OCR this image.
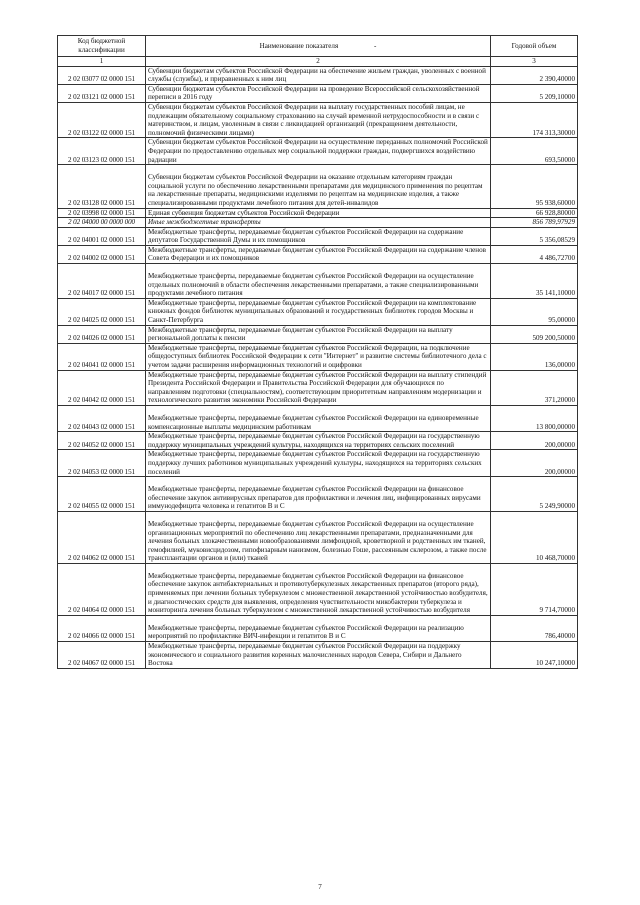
Код бюджетной классификации	Наименование показателя -	Годовой объем
1	2	3
2 02 03077 02 0000 151	Субвенции бюджетам субъектов Российской Федерации на обеспечение жильем граждан, уволенных с военной службы (службы), и приравненных к ним лиц	2 390,40000
2 02 03121 02 0000 151	Субвенции бюджетам субъектов Российской Федерации на проведение Всероссийской сельскохозяйственной переписи в 2016 году	5 209,10000
2 02 03122 02 0000 151	Субвенции бюджетам субъектов Российской Федерации на выплату государственных пособий лицам, не подлежащим обязательному социальному страхованию на случай временной нетрудоспособности и в связи с материнством, и лицам, уволенным в связи с ликвидацией организаций (прекращением деятельности, полномочий физическими лицами)	174 313,30000
2 02 03123 02 0000 151	Субвенции бюджетам субъектов Российской Федерации на осуществление переданных полномочий Российской Федерации по предоставлению отдельных мер социальной поддержки граждан, подвергшихся воздействию радиации	693,50000
2 02 03128 02 0000 151	Субвенции бюджетам субъектов Российской Федерации на оказание отдельным категориям граждан социальной услуги по обеспечению лекарственными препаратами для медицинского применения по рецептам на лекарственные препараты, медицинскими изделиями по рецептам на медицинские изделия, а также специализированными продуктами лечебного питания для детей-инвалидов	95 938,60000
2 02 03998 02 0000 151	Единая субвенция бюджетам субъектов Российской Федерации	66 928,80000
2 02 04000 00 0000 000	Иные межбюджетные трансферты	856 789,97929
2 02 04001 02 0000 151	Межбюджетные трансферты, передаваемые бюджетам субъектов Российской Федерации на содержание депутатов Государственной Думы и их помощников	5 356,08529
2 02 04002 02 0000 151	Межбюджетные трансферты, передаваемые бюджетам субъектов Российской Федерации на содержание членов Совета Федерации и их помощников	4 486,72700
2 02 04017 02 0000 151	Межбюджетные трансферты, передаваемые бюджетам субъектов Российской Федерации на осуществление отдельных полномочий в области обеспечения лекарственными препаратами, а также специализированными продуктами лечебного питания	35 141,10000
2 02 04025 02 0000 151	Межбюджетные трансферты, передаваемые бюджетам субъектов Российской Федерации на комплектование книжных фондов библиотек муниципальных образований и государственных библиотек городов Москвы и Санкт-Петербурга	95,00000
2 02 04026 02 0000 151	Межбюджетные трансферты, передаваемые бюджетам субъектов Российской Федерации на выплату региональной доплаты к пенсии	509 200,50000
2 02 04041 02 0000 151	Межбюджетные трансферты, передаваемые бюджетам субъектов Российской Федерации, на подключение общедоступных библиотек Российской Федерации к сети "Интернет" и развитие системы библиотечного дела с учетом задачи расширения информационных технологий и оцифровки	136,00000
2 02 04042 02 0000 151	Межбюджетные трансферты, передаваемые бюджетам субъектов Российской Федерации на выплату стипендий Президента Российской Федерации и Правительства Российской Федерации для обучающихся по направлениям подготовки (специальностям), соответствующим приоритетным направлениям модернизации и технологического развития экономики Российской Федерации	371,20000
2 02 04043 02 0000 151	Межбюджетные трансферты, передаваемые бюджетам субъектов Российской Федерации на единовременные компенсационные выплаты медицинским работникам	13 800,00000
2 02 04052 02 0000 151	Межбюджетные трансферты, передаваемые бюджетам субъектов Российской Федерации на государственную поддержку муниципальных учреждений культуры, находящихся на территориях сельских поселений	200,00000
2 02 04053 02 0000 151	Межбюджетные трансферты, передаваемые бюджетам субъектов Российской Федерации на государственную поддержку лучших работников муниципальных учреждений культуры, находящихся на территориях сельских поселений	200,00000
2 02 04055 02 0000 151	Межбюджетные трансферты, передаваемые бюджетам субъектов Российской Федерации на финансовое обеспечение закупок антивирусных препаратов для профилактики и лечения лиц, инфицированных вирусами иммунодефицита человека и гепатитов B и C	5 249,90000
2 02 04062 02 0000 151	Межбюджетные трансферты, передаваемые бюджетам субъектов Российской Федерации на осуществление организационных мероприятий по обеспечению лиц лекарственными препаратами, предназначенными для лечения больных злокачественными новообразованиями лимфоидной, кроветворной и родственных им тканей, гемофилией, муковисцидозом, гипофизарным нанизмом, болезнью Гоше, рассеянным склерозом, а также после трансплантации органов и (или) тканей	10 468,70000
2 02 04064 02 0000 151	Межбюджетные трансферты, передаваемые бюджетам субъектов Российской Федерации на финансовое обеспечение закупок антибактериальных и противотуберкулезных лекарственных препаратов (второго ряда), применяемых при лечении больных туберкулезом с множественной лекарственной устойчивостью возбудителя, и диагностических средств для выявления, определения чувствительности микобактерии туберкулеза и мониторинга лечения больных туберкулезом с множественной лекарственной устойчивостью возбудителя	9 714,70000
2 02 04066 02 0000 151	Межбюджетные трансферты, передаваемые бюджетам субъектов Российской Федерации на реализацию мероприятий по профилактике ВИЧ-инфекции и гепатитов B и C	786,40000
2 02 04067 02 0000 151	Межбюджетные трансферты, передаваемые бюджетам субъектов Российской Федерации на поддержку экономического и социального развития коренных малочисленных народов Севера, Сибири и Дальнего Востока	10 247,10000
7
